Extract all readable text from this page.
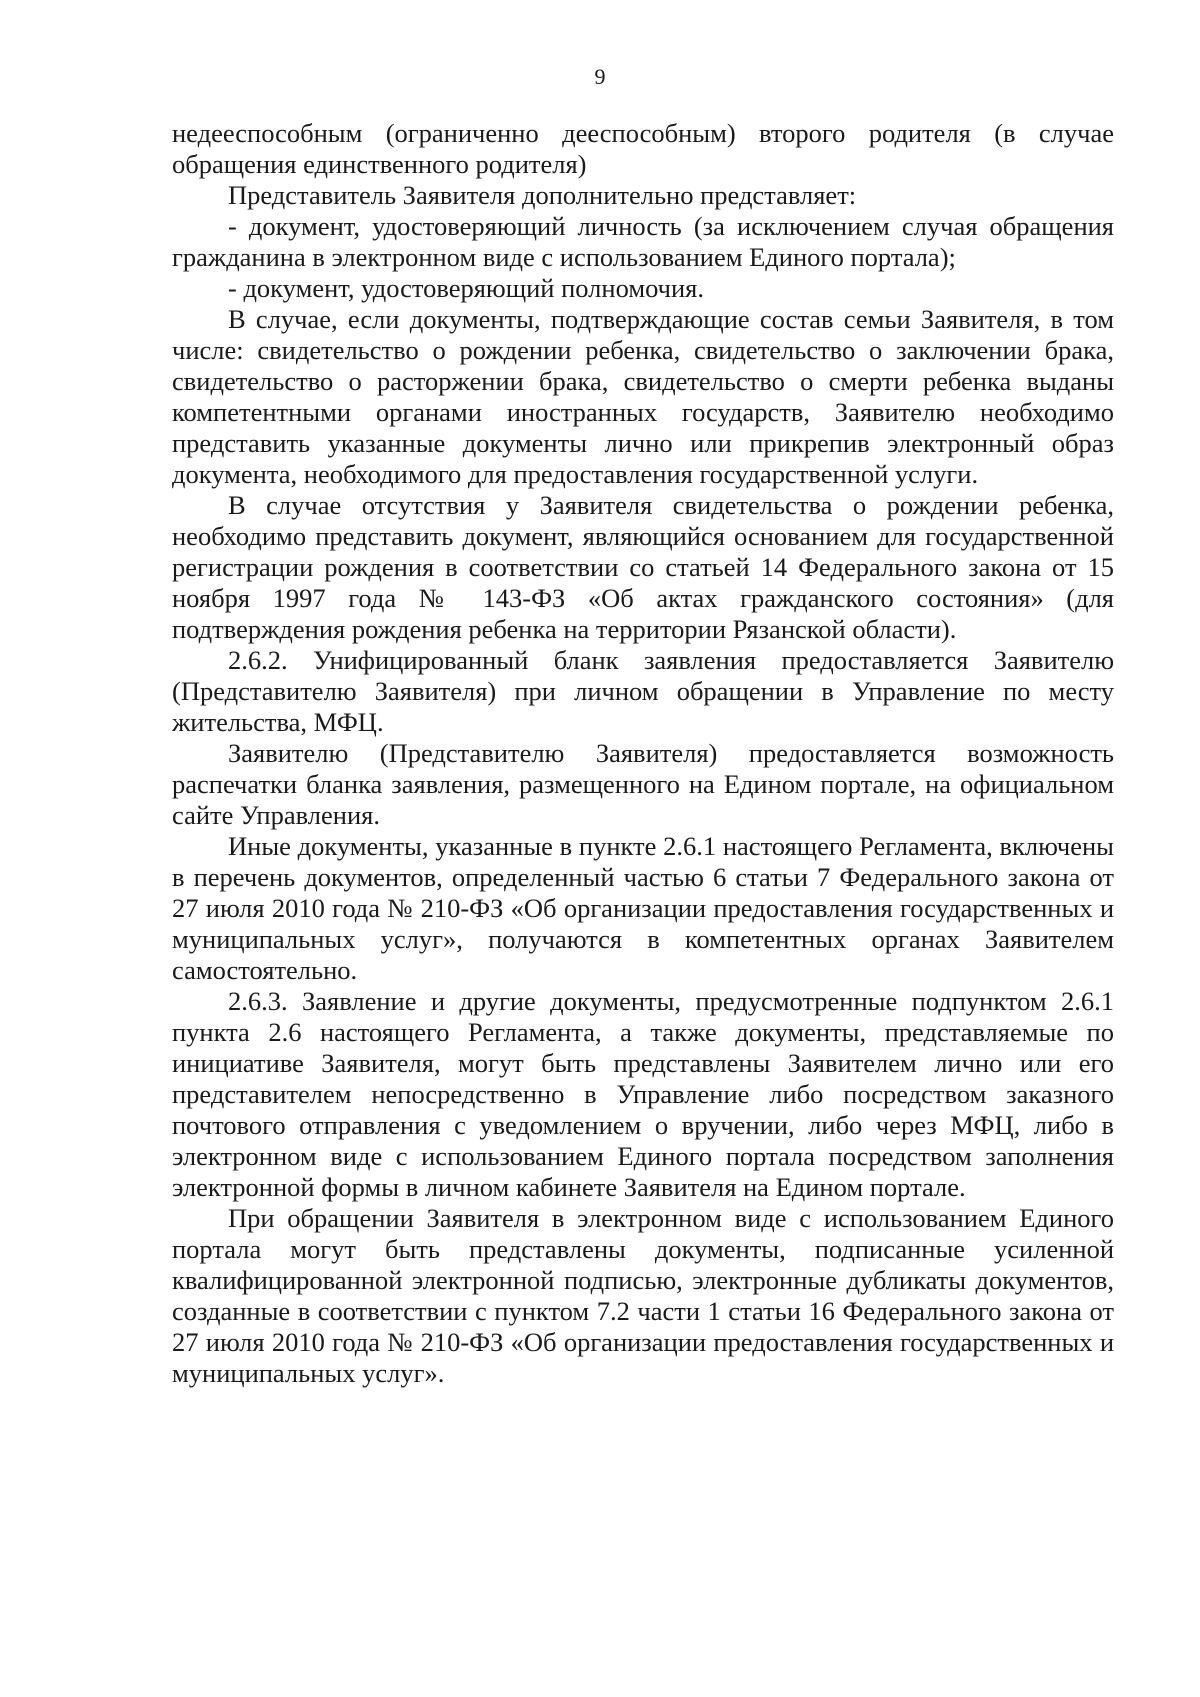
9

недееспособным (ограниченно дееспособным) второго родителя (в случае обращения единственного родителя)

Представитель Заявителя дополнительно представляет:

- документ, удостоверяющий личность (за исключением случая обращения гражданина в электронном виде с использованием Единого портала);

- документ, удостоверяющий полномочия.

В случае, если документы, подтверждающие состав семьи Заявителя, в том числе: свидетельство о рождении ребенка, свидетельство о заключении брака, свидетельство о расторжении брака, свидетельство о смерти ребенка выданы компетентными органами иностранных государств, Заявителю необходимо представить указанные документы лично или прикрепив электронный образ документа, необходимого для предоставления государственной услуги.

В случае отсутствия у Заявителя свидетельства о рождении ребенка, необходимо представить документ, являющийся основанием для государственной регистрации рождения в соответствии со статьей 14 Федерального закона от 15 ноября 1997 года № 143-ФЗ «Об актах гражданского состояния» (для подтверждения рождения ребенка на территории Рязанской области).

2.6.2. Унифицированный бланк заявления предоставляется Заявителю (Представителю Заявителя) при личном обращении в Управление по месту жительства, МФЦ.

Заявителю (Представителю Заявителя) предоставляется возможность распечатки бланка заявления, размещенного на Едином портале, на официальном сайте Управления.

Иные документы, указанные в пункте 2.6.1 настоящего Регламента, включены в перечень документов, определенный частью 6 статьи 7 Федерального закона от 27 июля 2010 года № 210-ФЗ «Об организации предоставления государственных и муниципальных услуг», получаются в компетентных органах Заявителем самостоятельно.

2.6.3. Заявление и другие документы, предусмотренные подпунктом 2.6.1 пункта 2.6 настоящего Регламента, а также документы, представляемые по инициативе Заявителя, могут быть представлены Заявителем лично или его представителем непосредственно в Управление либо посредством заказного почтового отправления с уведомлением о вручении, либо через МФЦ, либо в электронном виде с использованием Единого портала посредством заполнения электронной формы в личном кабинете Заявителя на Едином портале.

При обращении Заявителя в электронном виде с использованием Единого портала могут быть представлены документы, подписанные усиленной квалифицированной электронной подписью, электронные дубликаты документов, созданные в соответствии с пунктом 7.2 части 1 статьи 16 Федерального закона от 27 июля 2010 года № 210-ФЗ «Об организации предоставления государственных и муниципальных услуг».
